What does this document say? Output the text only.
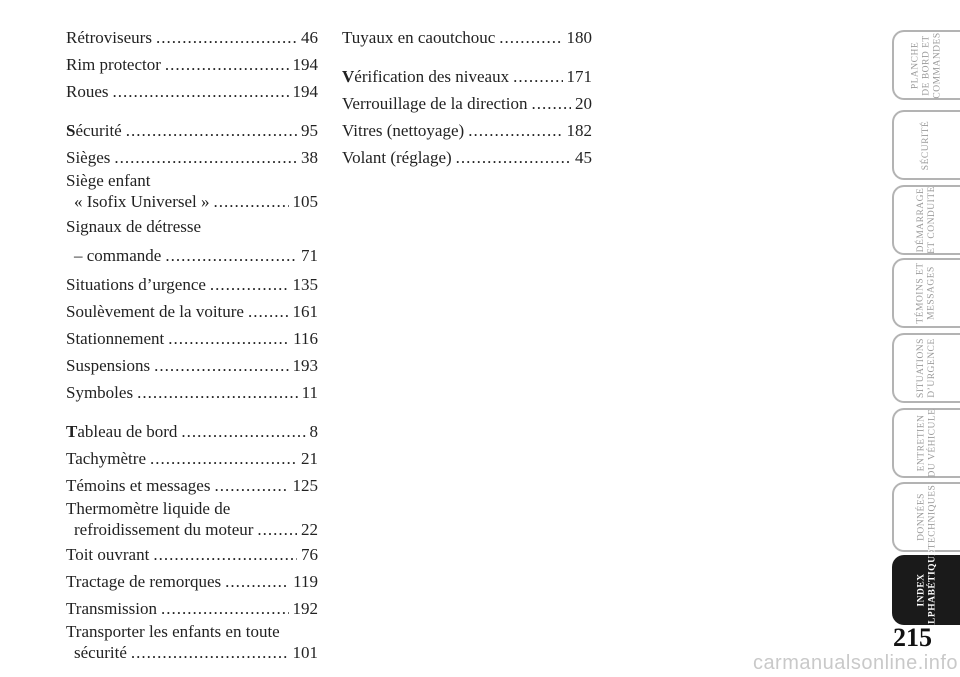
Rétroviseurs .....	46
Rim protector .....	194
Roues .....	194
Sécurité .....	95
Sièges .....	38
Siège enfant
« Isofix Universel » .....	105
Signaux de détresse
– commande .....	71
Situations d’urgence .....	135
Soulèvement de la voiture .....	161
Stationnement .....	116
Suspensions .....	193
Symboles .....	11
Tableau de bord .....	8
Tachymètre .....	21
Témoins et messages .....	125
Thermomètre liquide de
refroidissement du moteur .....	22
Toit ouvrant .....	76
Tractage de remorques .....	119
Transmission .....	192
Transporter les enfants en toute
sécurité .....	101
Tuyaux en caoutchouc .....	180
Vérification des niveaux .....	171
Verrouillage de la direction .....	20
Vitres (nettoyage) .....	182
Volant (réglage) .....	45
PLANCHE DE BORD ET COMMANDES
SÉCURITÉ
DÉMARRAGE ET CONDUITE
TÉMOINS ET MESSAGES
SITUATIONS D’URGENCE
ENTRETIEN DU VÉHICULE
DONNÉES TECHNIQUES
INDEX ALPHABÉTIQUE
215
carmanualsonline.info
